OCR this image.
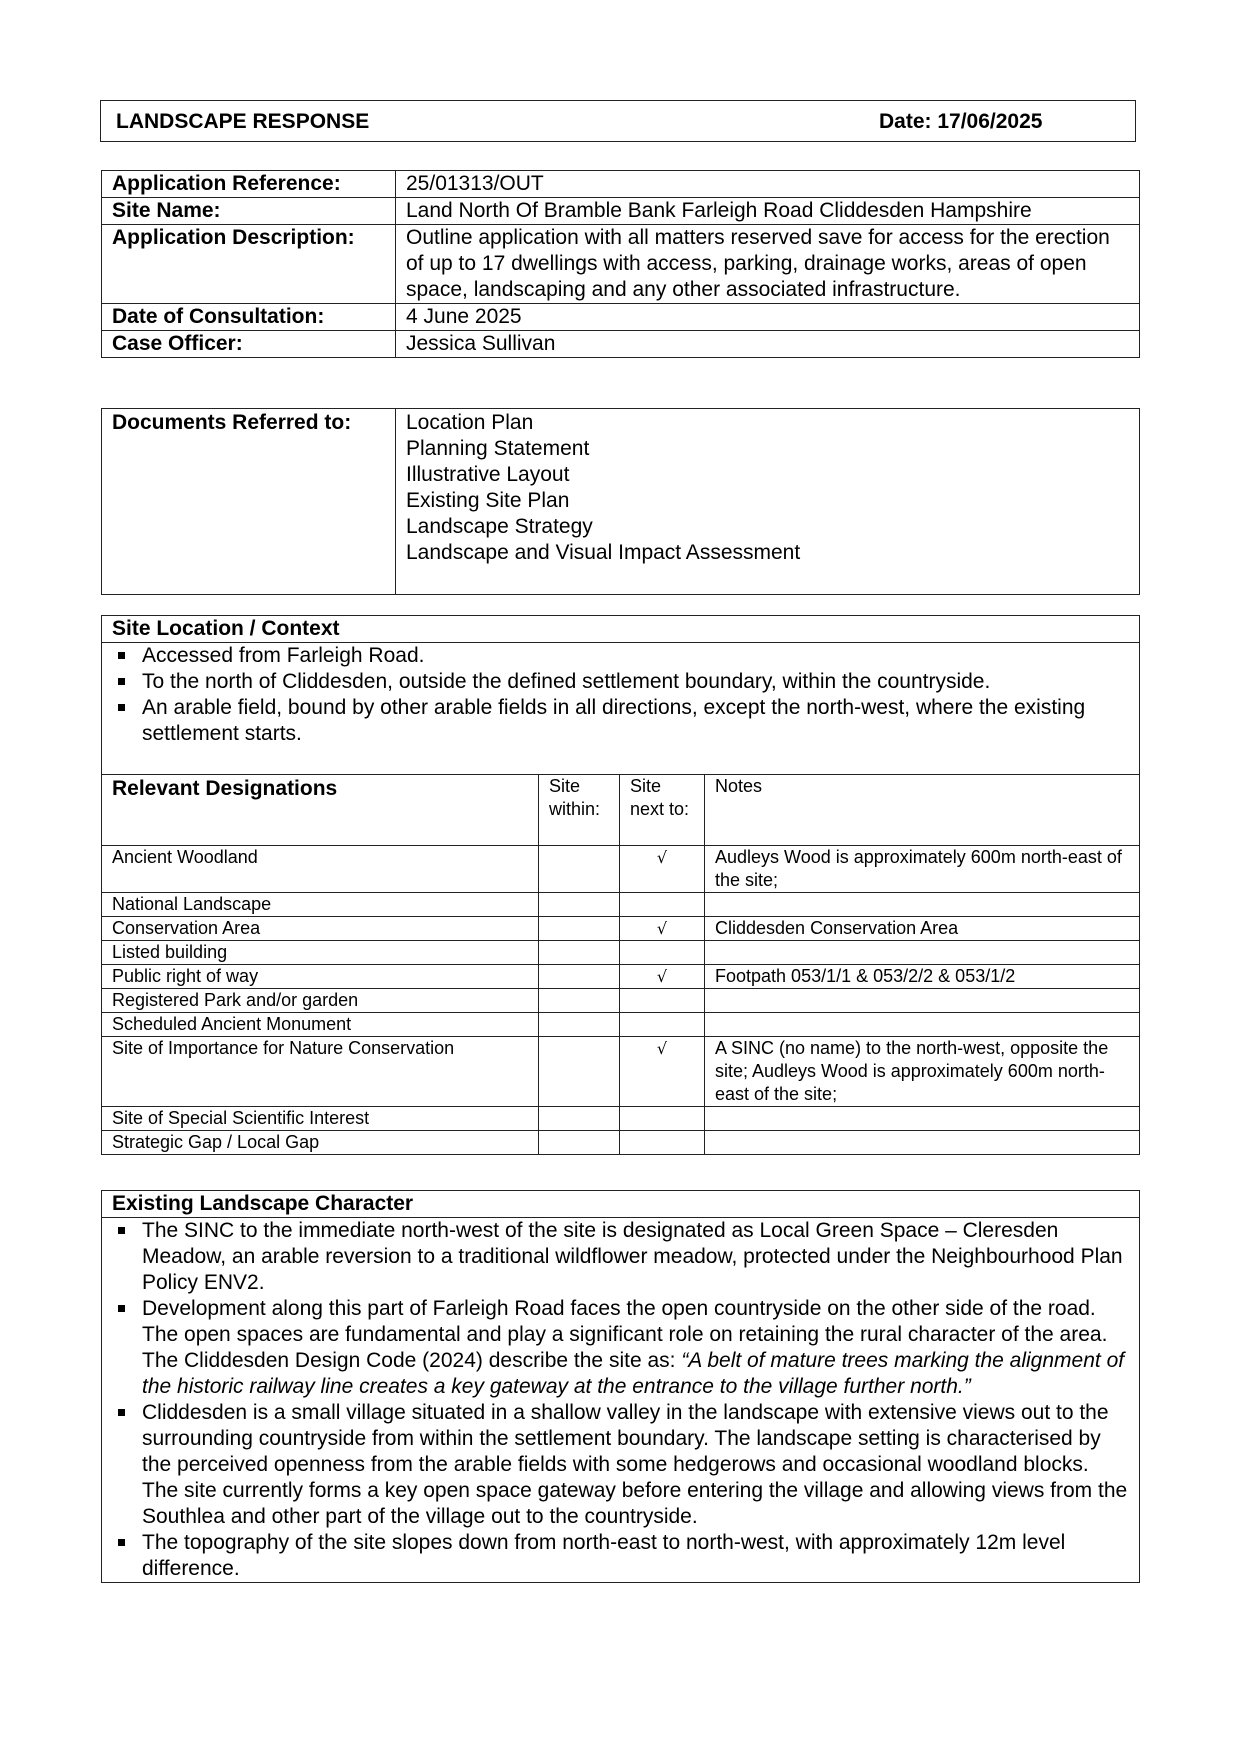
LANDSCAPE RESPONSE	Date: 17/06/2025
Application Reference:	25/01313/OUT
Site Name:	Land North Of Bramble Bank Farleigh Road Cliddesden Hampshire
Application Description:	Outline application with all matters reserved save for access for the erection of up to 17 dwellings with access, parking, drainage works, areas of open space, landscaping and any other associated infrastructure.
Date of Consultation:	4 June 2025
Case Officer:	Jessica Sullivan
Documents Referred to:	Location Plan
Planning Statement
Illustrative Layout
Existing Site Plan
Landscape Strategy
Landscape and Visual Impact Assessment
Site Location / Context

Accessed from Farleigh Road.
To the north of Cliddesden, outside the defined settlement boundary, within the countryside.
An arable field, bound by other arable fields in all directions, except the north-west, where the existing settlement starts.
Relevant Designations	Site within:	Site next to:	Notes
Ancient Woodland		√	Audleys Wood is approximately 600m north-east of the site;
National Landscape			
Conservation Area		√	Cliddesden Conservation Area
Listed building			
Public right of way		√	Footpath 053/1/1 & 053/2/2 & 053/1/2
Registered Park and/or garden			
Scheduled Ancient Monument			
Site of Importance for Nature Conservation		√	A SINC (no name) to the north-west, opposite the site; Audleys Wood is approximately 600m north-east of the site;
Site of Special Scientific Interest			
Strategic Gap / Local Gap			
Existing Landscape Character

The SINC to the immediate north-west of the site is designated as Local Green Space – Cleresden Meadow, an arable reversion to a traditional wildflower meadow, protected under the Neighbourhood Plan Policy ENV2.
Development along this part of Farleigh Road faces the open countryside on the other side of the road. The open spaces are fundamental and play a significant role on retaining the rural character of the area. The Cliddesden Design Code (2024) describe the site as: “A belt of mature trees marking the alignment of the historic railway line creates a key gateway at the entrance to the village further north.”
Cliddesden is a small village situated in a shallow valley in the landscape with extensive views out to the surrounding countryside from within the settlement boundary. The landscape setting is characterised by the perceived openness from the arable fields with some hedgerows and occasional woodland blocks. The site currently forms a key open space gateway before entering the village and allowing views from the Southlea and other part of the village out to the countryside.
The topography of the site slopes down from north-east to north-west, with approximately 12m level difference.
